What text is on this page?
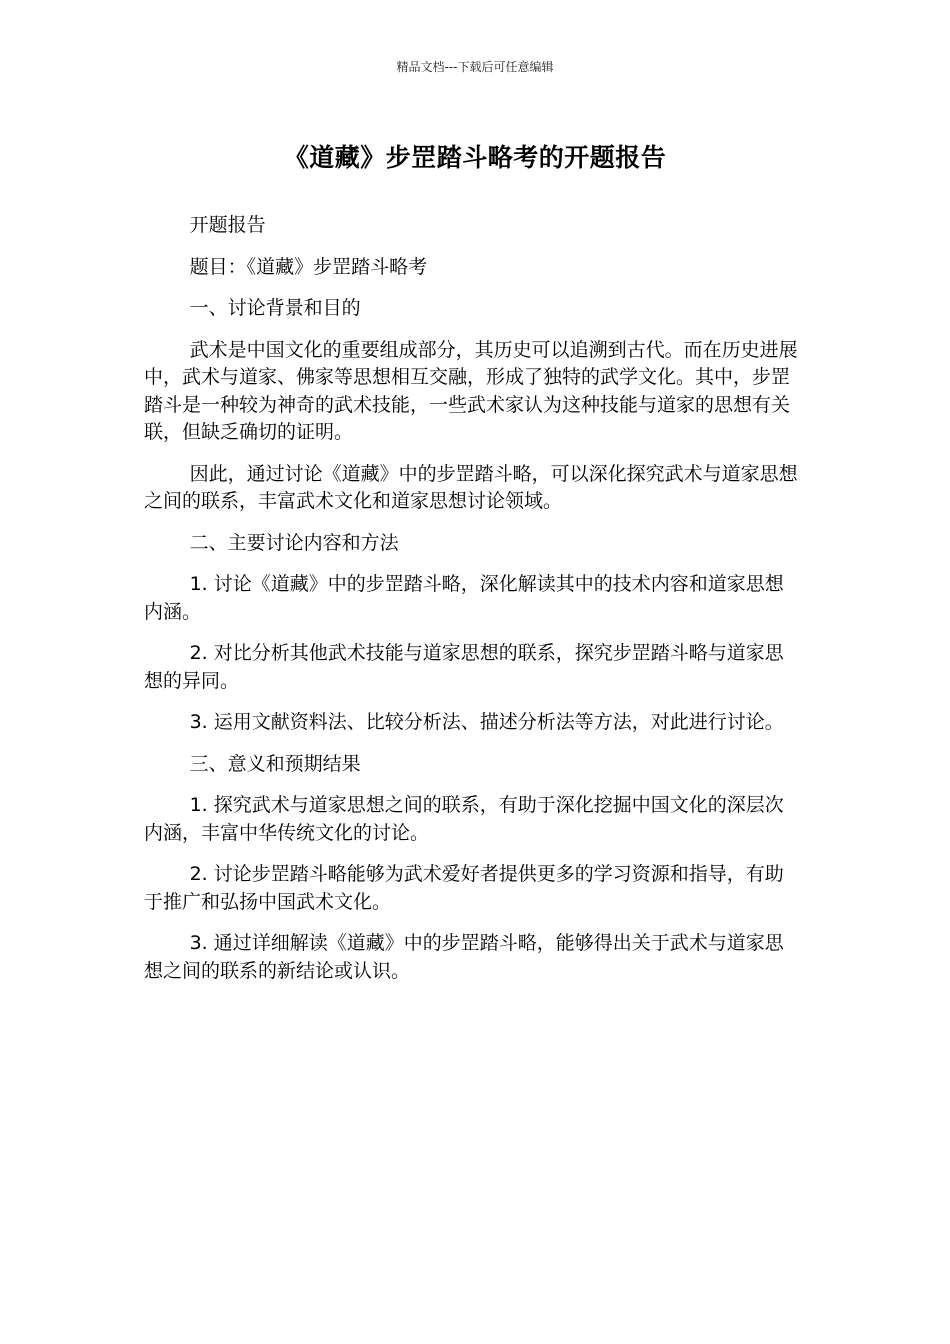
精品文档---下载后可任意编辑
《道藏》步罡踏斗略考的开题报告

开题报告

题目：《道藏》步罡踏斗略考

一、讨论背景和目的

武术是中国文化的重要组成部分，其历史可以追溯到古代。而在历史进展中，武术与道家、佛家等思想相互交融，形成了独特的武学文化。其中，步罡踏斗是一种较为神奇的武术技能，一些武术家认为这种技能与道家的思想有关联，但缺乏确切的证明。

因此，通过讨论《道藏》中的步罡踏斗略，可以深化探究武术与道家思想之间的联系，丰富武术文化和道家思想讨论领域。

二、主要讨论内容和方法

1. 讨论《道藏》中的步罡踏斗略，深化解读其中的技术内容和道家思想内涵。

2. 对比分析其他武术技能与道家思想的联系，探究步罡踏斗略与道家思想的异同。

3. 运用文献资料法、比较分析法、描述分析法等方法，对此进行讨论。

三、意义和预期结果

1. 探究武术与道家思想之间的联系，有助于深化挖掘中国文化的深层次内涵，丰富中华传统文化的讨论。

2. 讨论步罡踏斗略能够为武术爱好者提供更多的学习资源和指导，有助于推广和弘扬中国武术文化。

3. 通过详细解读《道藏》中的步罡踏斗略，能够得出关于武术与道家思想之间的联系的新结论或认识。
